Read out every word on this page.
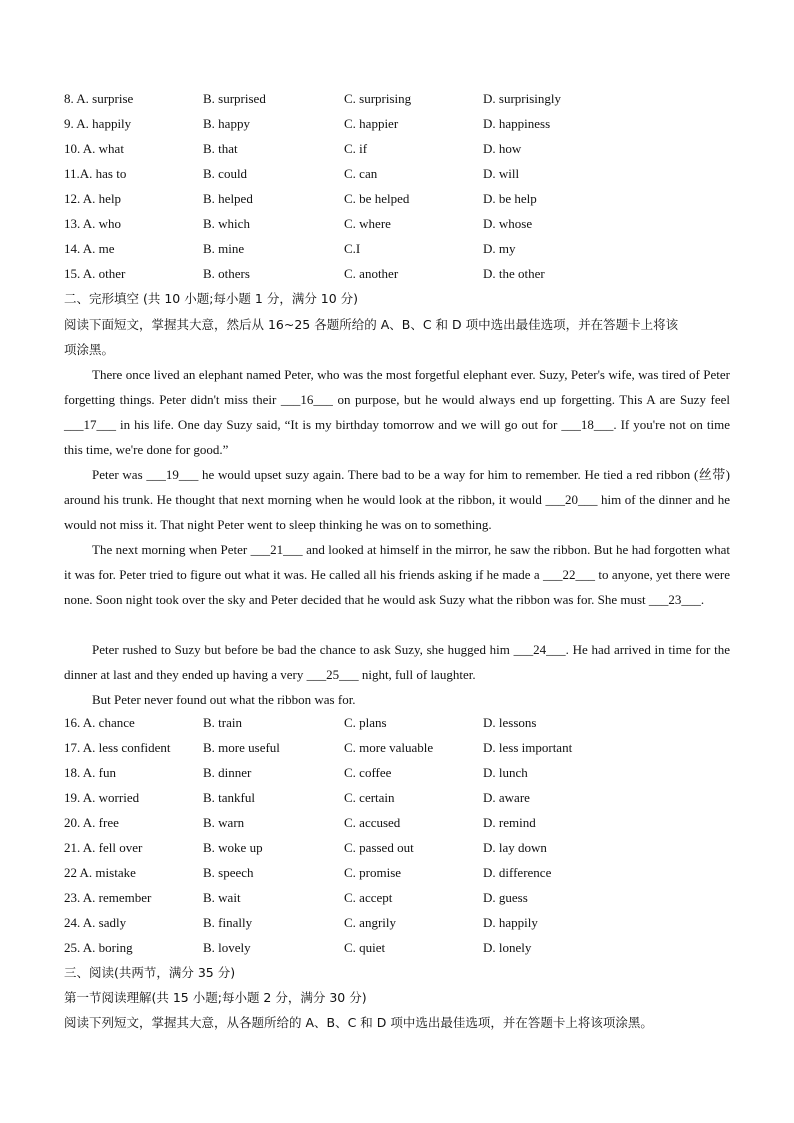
8. A. surprise	B. surprised	C. surprising	D. surprisingly
9. A. happily	B. happy	C. happier	D. happiness
10. A. what	B. that	C. if	D. how
11.A. has to	B. could	C. can	D. will
12. A. help	B. helped	C. be helped	D. be help
13. A. who	B. which	C. where	D. whose
14. A. me	B. mine	C.I	D. my
15. A. other	B. others	C. another	D. the other
二、完形填空 (共 10 小题;每小题 1 分，满分 10 分)
阅读下面短文，掌握其大意，然后从 16~25 各题所给的 A、B、C 和 D 项中选出最佳选项，并在答题卡上将该
项涂黑。
There once lived an elephant named Peter, who was the most forgetful elephant ever. Suzy, Peter's wife, was tired of Peter forgetting things. Peter didn't miss their ___16___ on purpose, but he would always end up forgetting. This A are Suzy feel ___17___ in his life. One day Suzy said, “It is my birthday tomorrow and we will go out for ___18___. If you're not on time this time, we're done for good.”
Peter was ___19___ he would upset suzy again. There bad to be a way for him to remember. He tied a red ribbon (丝带) around his trunk. He thought that next morning when he would look at the ribbon, it would ___20___ him of the dinner and he would not miss it. That night Peter went to sleep thinking he was on to something.
The next morning when Peter ___21___ and looked at himself in the mirror, he saw the ribbon. But he had forgotten what it was for. Peter tried to figure out what it was. He called all his friends asking if he made a ___22___ to anyone, yet there were none. Soon night took over the sky and Peter decided that he would ask Suzy what the ribbon was for. She must ___23___.
Peter rushed to Suzy but before be bad the chance to ask Suzy, she hugged him ___24___. He had arrived in time for the dinner at last and they ended up having a very ___25___ night, full of laughter.
But Peter never found out what the ribbon was for.
16. A. chance	B. train	C. plans	D. lessons
17. A. less confident B. more useful	C. more valuable	D. less important
18. A. fun	B. dinner	C. coffee	D. lunch
19. A. worried	B. tankful	C. certain	D. aware
20. A. free	B. warn	C. accused	D. remind
21. A. fell over	B. woke up	C. passed out	D. lay down
22 A. mistake	B. speech	C. promise	D. difference
23. A. remember	B. wait	C. accept	D. guess
24. A. sadly	B. finally	C. angrily	D. happily
25. A. boring	B. lovely	C. quiet	D. lonely
三、阅读(共两节，满分 35 分)
第一节阅读理解(共 15 小题;每小题 2 分，满分 30 分)
阅读下列短文，掌握其大意，从各题所给的 A、B、C 和 D 项中选出最佳选项，并在答题卡上将该项涂黑。
